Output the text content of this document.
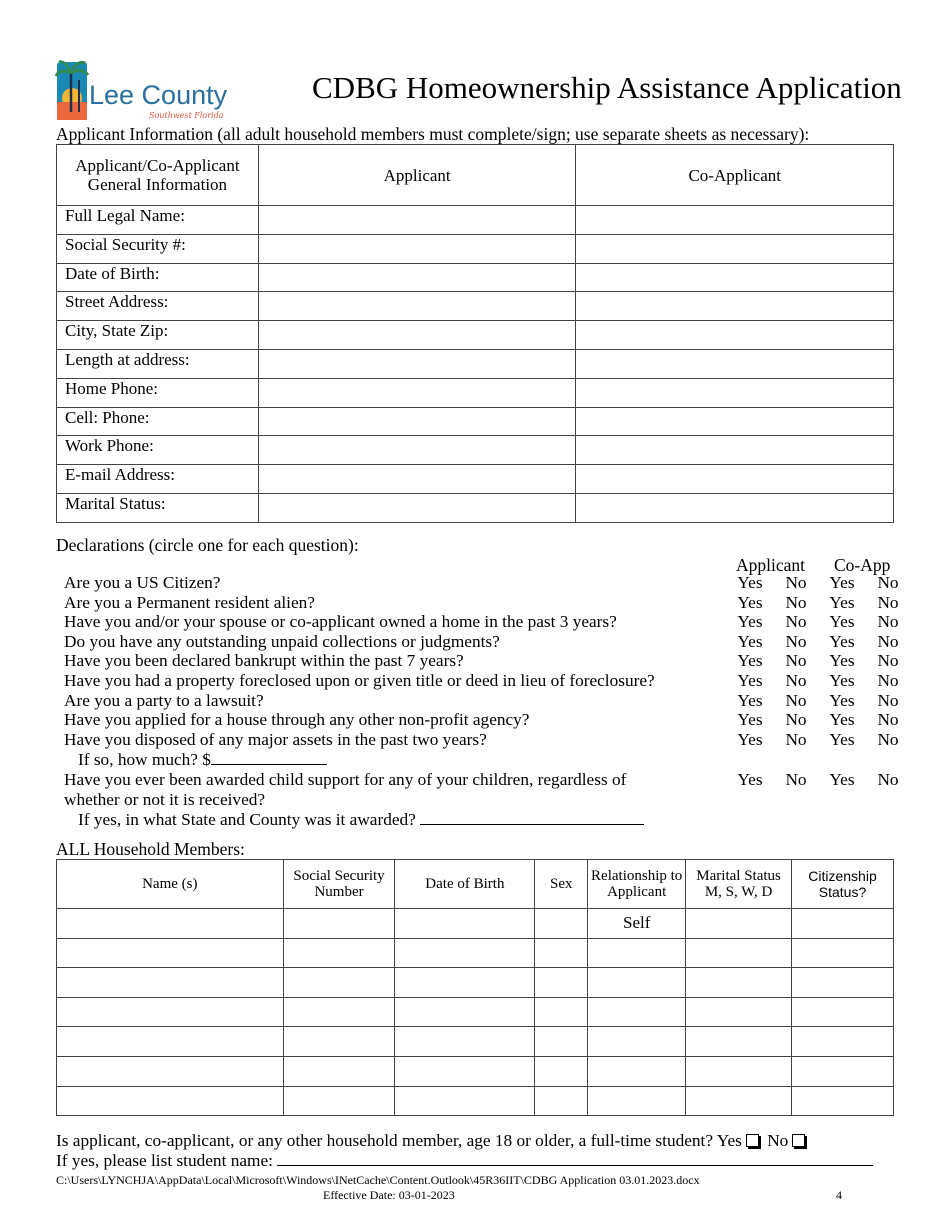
Lee County
Southwest Florida
CDBG Homeownership Assistance Application
Applicant Information (all adult household members must complete/sign; use separate sheets as necessary):
Applicant/Co-Applicant General Information	Applicant	Co-Applicant
Full Legal Name:		
Social Security #:		
Date of Birth:		
Street Address:		
City, State Zip:		
Length at address:		
Home Phone:		
Cell: Phone:		
Work Phone:		
E-mail Address:		
Marital Status:		
Declarations (circle one for each question):
Applicant Co-App
Are you a US Citizen?	Yes	No	Yes	No
Are you a Permanent resident alien?	Yes	No	Yes	No
Have you and/or your spouse or co-applicant owned a home in the past 3 years?	Yes	No	Yes	No
Do you have any outstanding unpaid collections or judgments?	Yes	No	Yes	No
Have you been declared bankrupt within the past 7 years?	Yes	No	Yes	No
Have you had a property foreclosed upon or given title or deed in lieu of foreclosure?	Yes	No	Yes	No
Are you a party to a lawsuit?	Yes	No	Yes	No
Have you applied for a house through any other non-profit agency?	Yes	No	Yes	No
Have you disposed of any major assets in the past two years?	Yes	No	Yes	No
If so, how much? $
Have you ever been awarded child support for any of your children, regardless of	Yes	No	Yes	No
whether or not it is received?
If yes, in what State and County was it awarded?
ALL Household Members:
Name (s)	Social Security Number	Date of Birth	Sex	Relationship to Applicant	Marital Status M, S, W, D	Citizenship Status?
				Self		

Is applicant, co-applicant, or any other household member, age 18 or older, a full-time student? Yes No
If yes, please list student name:
C:\Users\LYNCHJA\AppData\Local\Microsoft\Windows\INetCache\Content.Outlook\45R36IIT\CDBG Application 03.01.2023.docx
Effective Date: 03-01-2023	4
